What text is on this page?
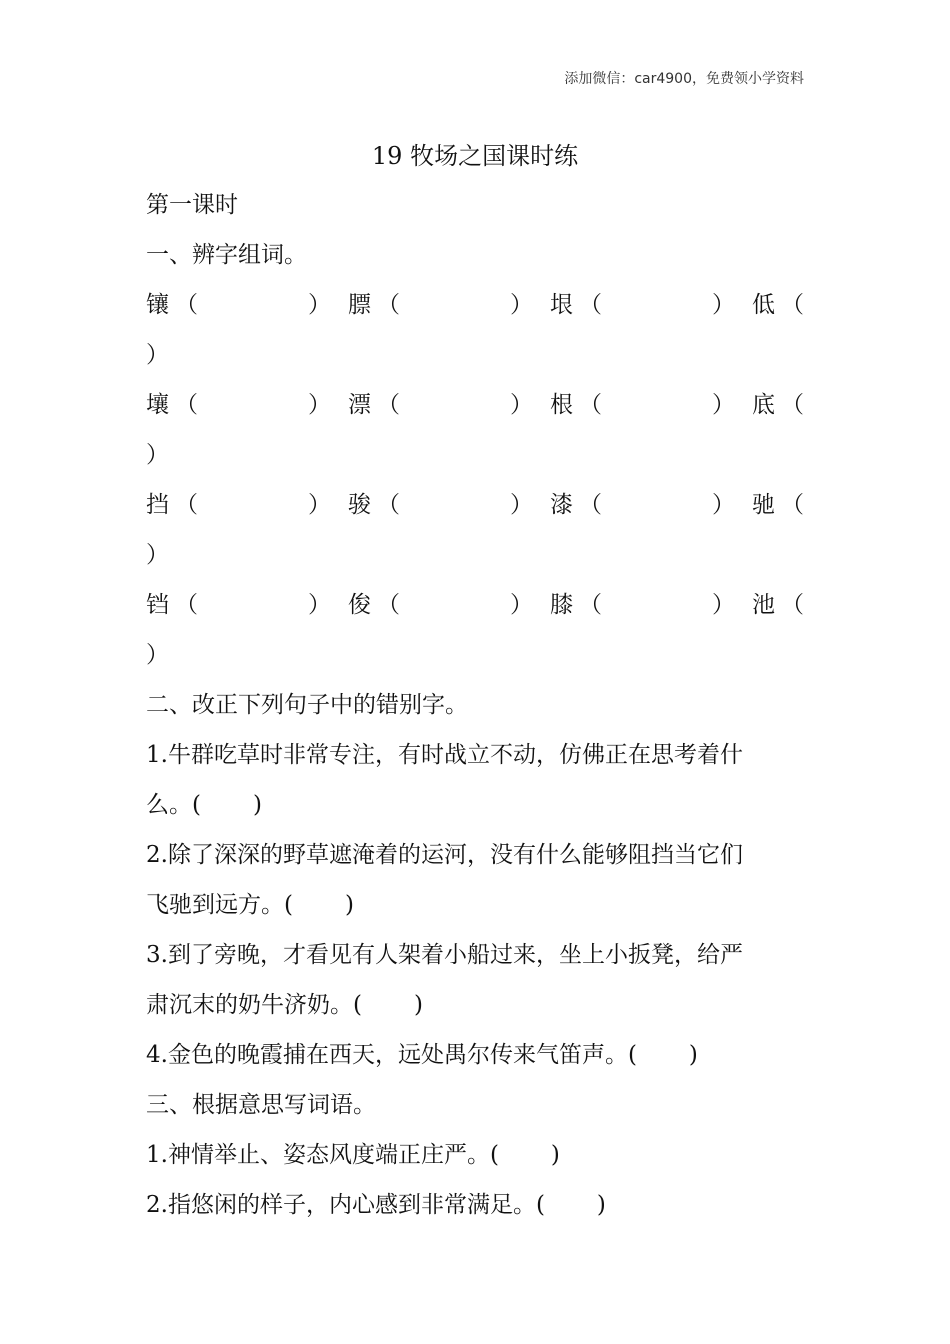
添加微信：car4900，免费领小学资料
19 牧场之国课时练
第一课时
一、辨字组词。
镶 （	） 膘 （	） 垠 （	） 低 （
）
壤 （	） 漂 （	） 根 （	） 底 （
）
挡 （	） 骏 （	） 漆 （	） 驰 （
）
铛 （	） 俊 （	） 膝 （	） 池 （
）
二、改正下列句子中的错别字。
1.牛群吃草时非常专注，有时战立不动，仿佛正在思考着什
么。( )
2.除了深深的野草遮淹着的运河，没有什么能够阻挡当它们
飞驰到远方。( )
3.到了旁晚，才看见有人架着小船过来，坐上小扳凳，给严
肃沉末的奶牛济奶。( )
4.金色的晚霞捕在西天，远处禺尔传来气笛声。( )
三、根据意思写词语。
1.神情举止、姿态风度端正庄严。( )
2.指悠闲的样子，内心感到非常满足。( )
